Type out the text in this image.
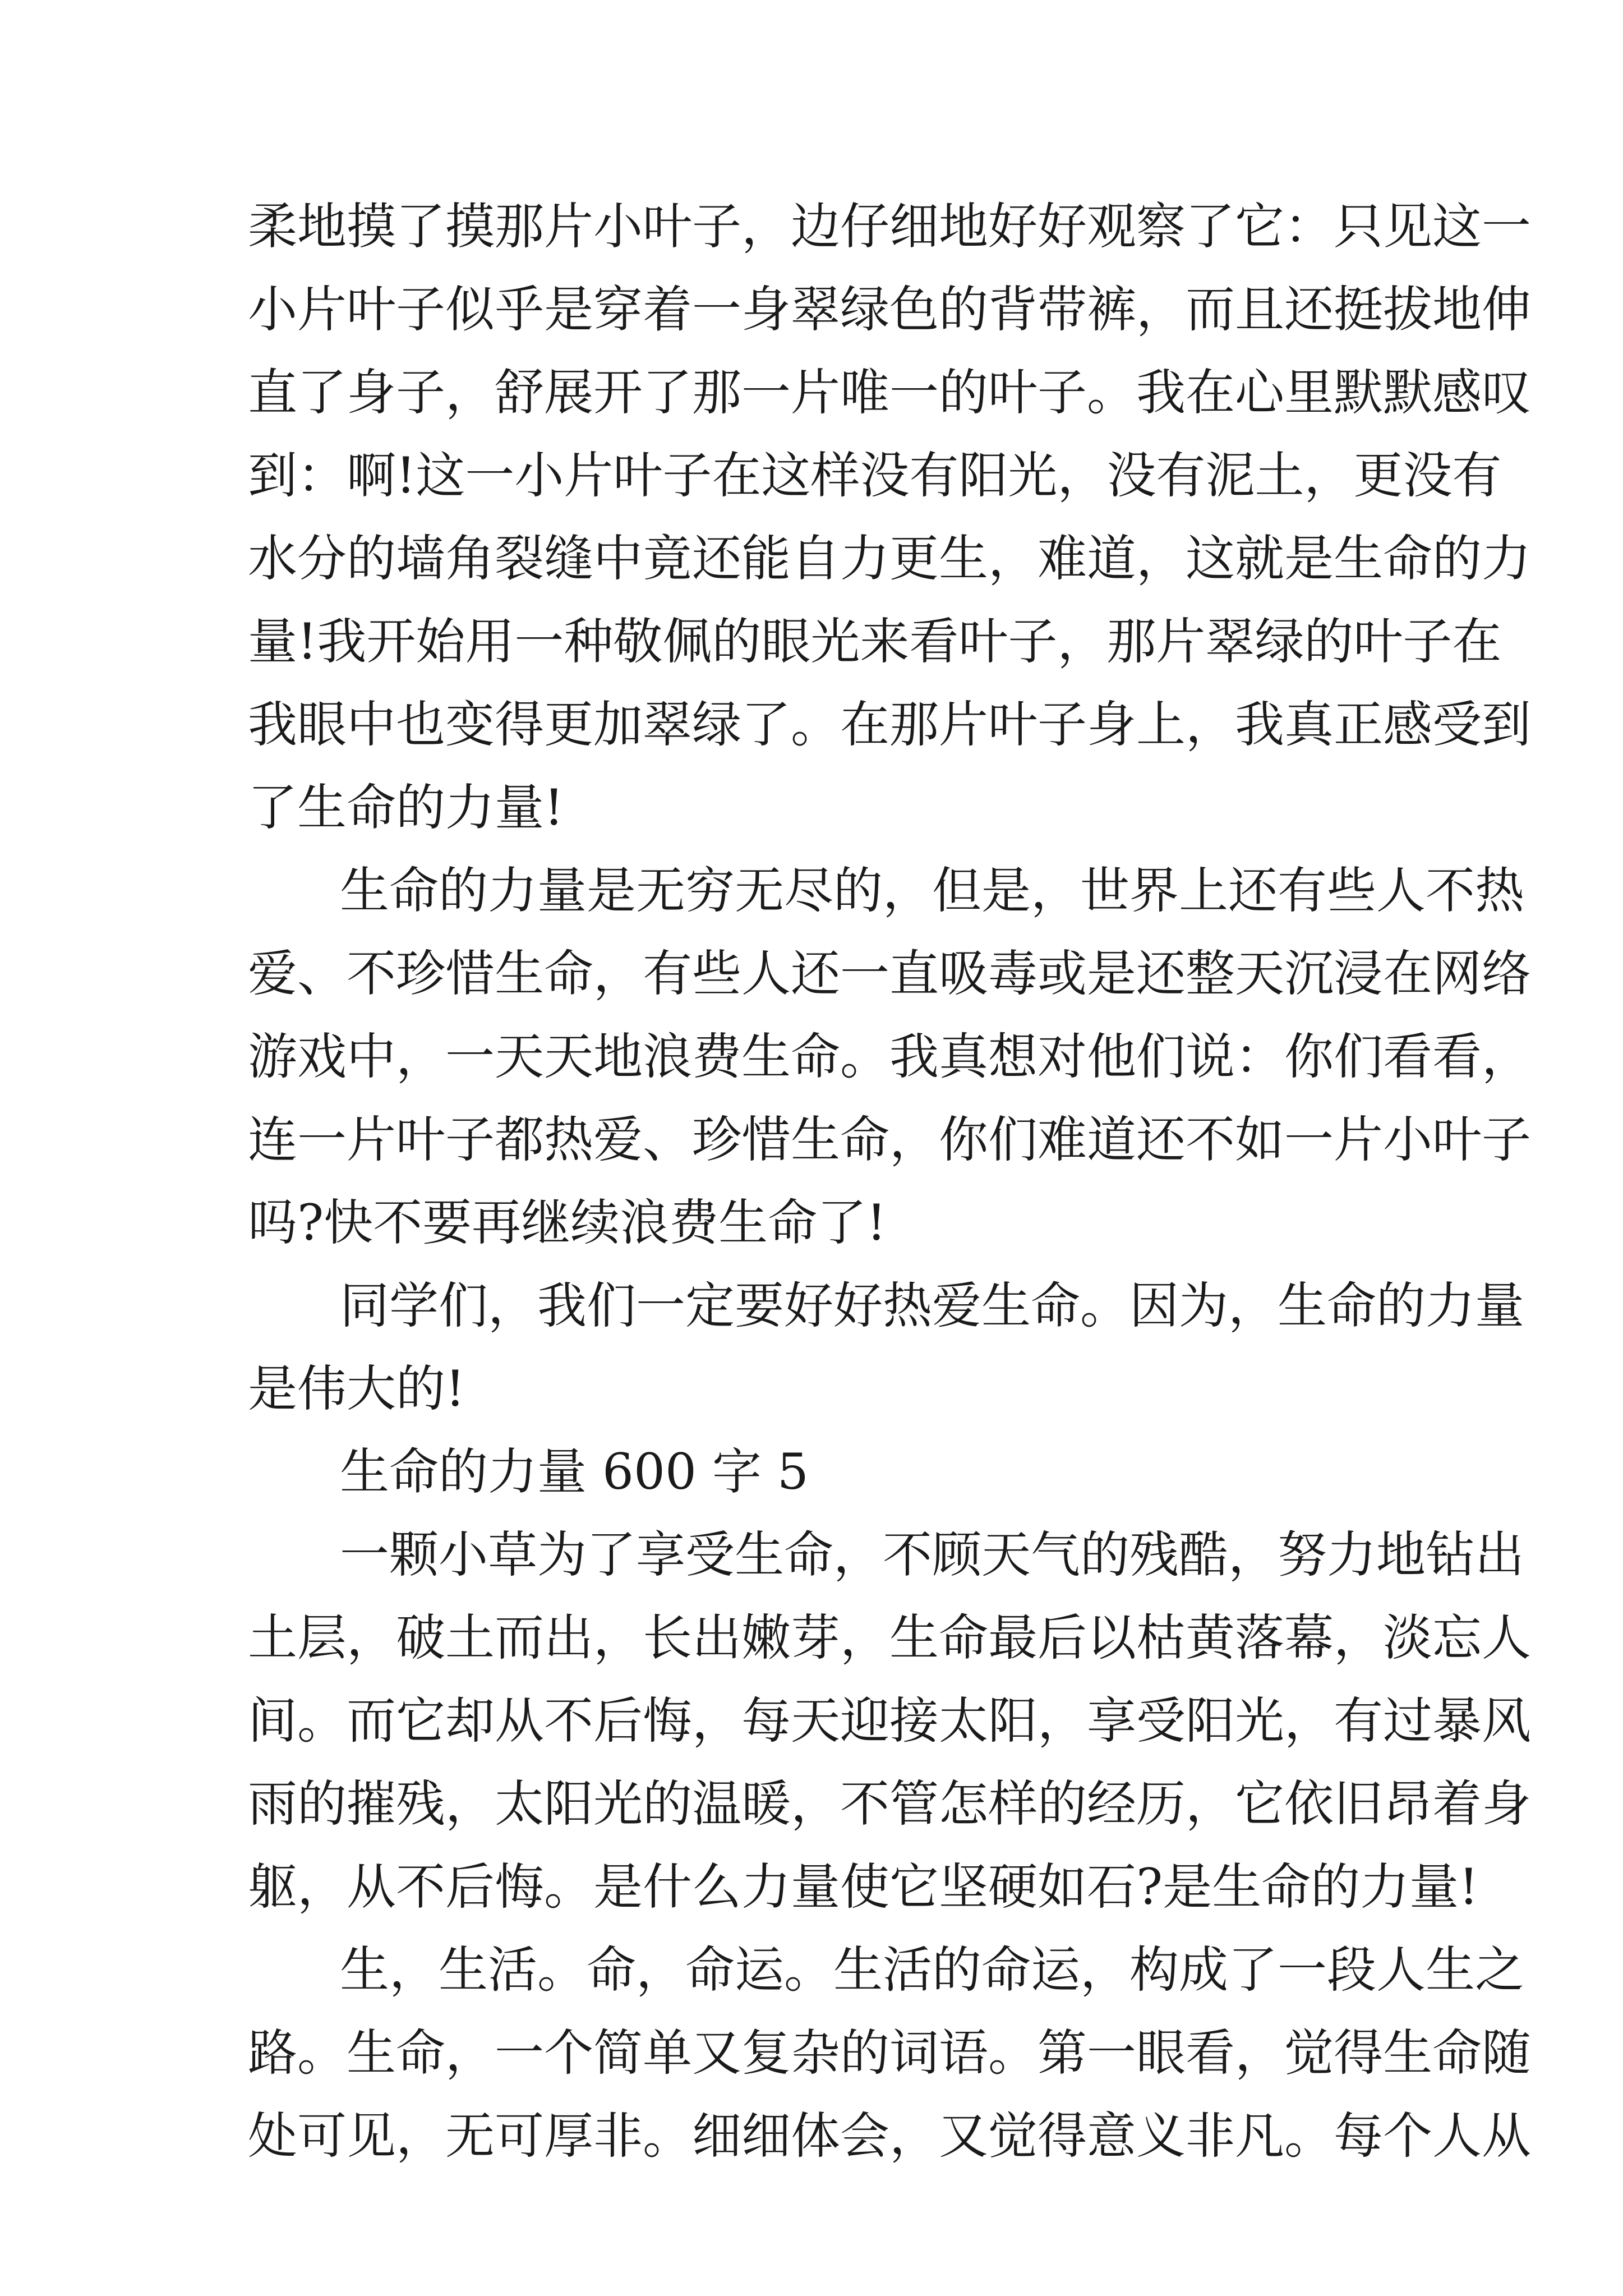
柔地摸了摸那片小叶子，边仔细地好好观察了它：只见这一
小片叶子似乎是穿着一身翠绿色的背带裤，而且还挺拔地伸
直了身子，舒展开了那一片唯一的叶子。我在心里默默感叹
到：啊!这一小片叶子在这样没有阳光，没有泥土，更没有
水分的墙角裂缝中竟还能自力更生，难道，这就是生命的力
量!我开始用一种敬佩的眼光来看叶子，那片翠绿的叶子在
我眼中也变得更加翠绿了。在那片叶子身上，我真正感受到
了生命的力量!
生命的力量是无穷无尽的，但是，世界上还有些人不热
爱、不珍惜生命，有些人还一直吸毒或是还整天沉浸在网络
游戏中，一天天地浪费生命。我真想对他们说：你们看看，
连一片叶子都热爱、珍惜生命，你们难道还不如一片小叶子
吗?快不要再继续浪费生命了!
同学们，我们一定要好好热爱生命。因为，生命的力量
是伟大的!
生命的力量 600 字 5
一颗小草为了享受生命，不顾天气的残酷，努力地钻出
土层，破土而出，长出嫩芽，生命最后以枯黄落幕，淡忘人
间。而它却从不后悔，每天迎接太阳，享受阳光，有过暴风
雨的摧残，太阳光的温暖，不管怎样的经历，它依旧昂着身
躯，从不后悔。是什么力量使它坚硬如石?是生命的力量!
生，生活。命，命运。生活的命运，构成了一段人生之
路。生命，一个简单又复杂的词语。第一眼看，觉得生命随
处可见，无可厚非。细细体会，又觉得意义非凡。每个人从
